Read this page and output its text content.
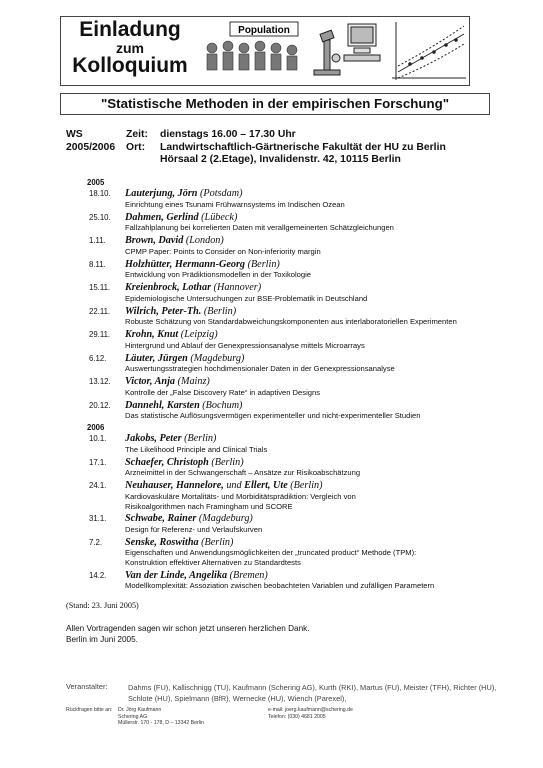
Einladung
zum
Kolloquium
Population
"Statistische Methoden in der empirischen Forschung"
WS	Zeit:	dienstags 16.00 – 17.30 Uhr
2005/2006	Ort:	Landwirtschaftlich-Gärtnerische Fakultät der HU zu Berlin
Hörsaal 2 (2.Etage), Invalidenstr. 42, 10115 Berlin
2005
18.10. Lauterjung, Jörn (Potsdam)
Einrichtung eines Tsunami Frühwarnsystems im Indischen Ozean
25.10. Dahmen, Gerlind (Lübeck)
Fallzahlplanung bei korrelierten Daten mit verallgemeinerten Schätzgleichungen
1.11. Brown, David (London)
CPMP Paper: Points to Consider on Non-inferiority margin
8.11. Holzhütter, Hermann-Georg (Berlin)
Entwicklung von Prädiktionsmodellen in der Toxikologie
15.11. Kreienbrock, Lothar (Hannover)
Epidemiologische Untersuchungen zur BSE-Problematik in Deutschland
22.11. Wilrich, Peter-Th. (Berlin)
Robuste Schätzung von Standardabweichungskomponenten aus interlaboratoriellen Experimenten
29.11. Krohn, Knut (Leipzig)
Hintergrund und Ablauf der Genexpressionsanalyse mittels Microarrays
6.12. Läuter, Jürgen (Magdeburg)
Auswertungsstrategien hochdimensionaler Daten in der Genexpressionsanalyse
13.12. Victor, Anja (Mainz)
Kontrolle der „False Discovery Rate“ in adaptiven Designs
20.12. Dannehl, Karsten (Bochum)
Das statistische Auflösungsvermögen experimenteller und nicht-experimenteller Studien
2006
10.1. Jakobs, Peter (Berlin)
The Likelihood Principle and Clinical Trials
17.1. Schaefer, Christoph (Berlin)
Arzneimittel in der Schwangerschaft – Ansätze zur Risikoabschätzung
24.1. Neuhauser, Hannelore, und Ellert, Ute (Berlin)
Kardiovaskuläre Mortalitäts- und Morbiditätsprädiktion: Vergleich von
Risikoalgorithmen nach Framingham und SCORE
31.1. Schwabe, Rainer (Magdeburg)
Design für Referenz- und Verlaufskurven
7.2. Senske, Roswitha (Berlin)
Eigenschaften und Anwendungsmöglichkeiten der „truncated product“ Methode (TPM):
Konstruktion effektiver Alternativen zu Standardtests
14.2. Van der Linde, Angelika (Bremen)
Modellkomplexität: Assoziation zwischen beobachteten Variablen und zufälligen Parametern
(Stand: 23. Juni 2005)
Allen Vortragenden sagen wir schon jetzt unseren herzlichen Dank.
Berlin im Juni 2005.
Veranstalter:	Dahms (FU), Kallischnigg (TU), Kaufmann (Schering AG), Kurth (RKI), Martus (FU), Meister (TFH), Richter (HU), Schlote (HU), Spielmann (BfR), Wernecke (HU), Wiench (Parexel),
Rückfragen bitte an: Dr. Jörg Kaufmann
Schering AG
Müllerstr. 170 - 178, D – 13342 Berlin
e-mail: joerg.kaufmann@schering.de
Telefon: (030) 4681 2005
